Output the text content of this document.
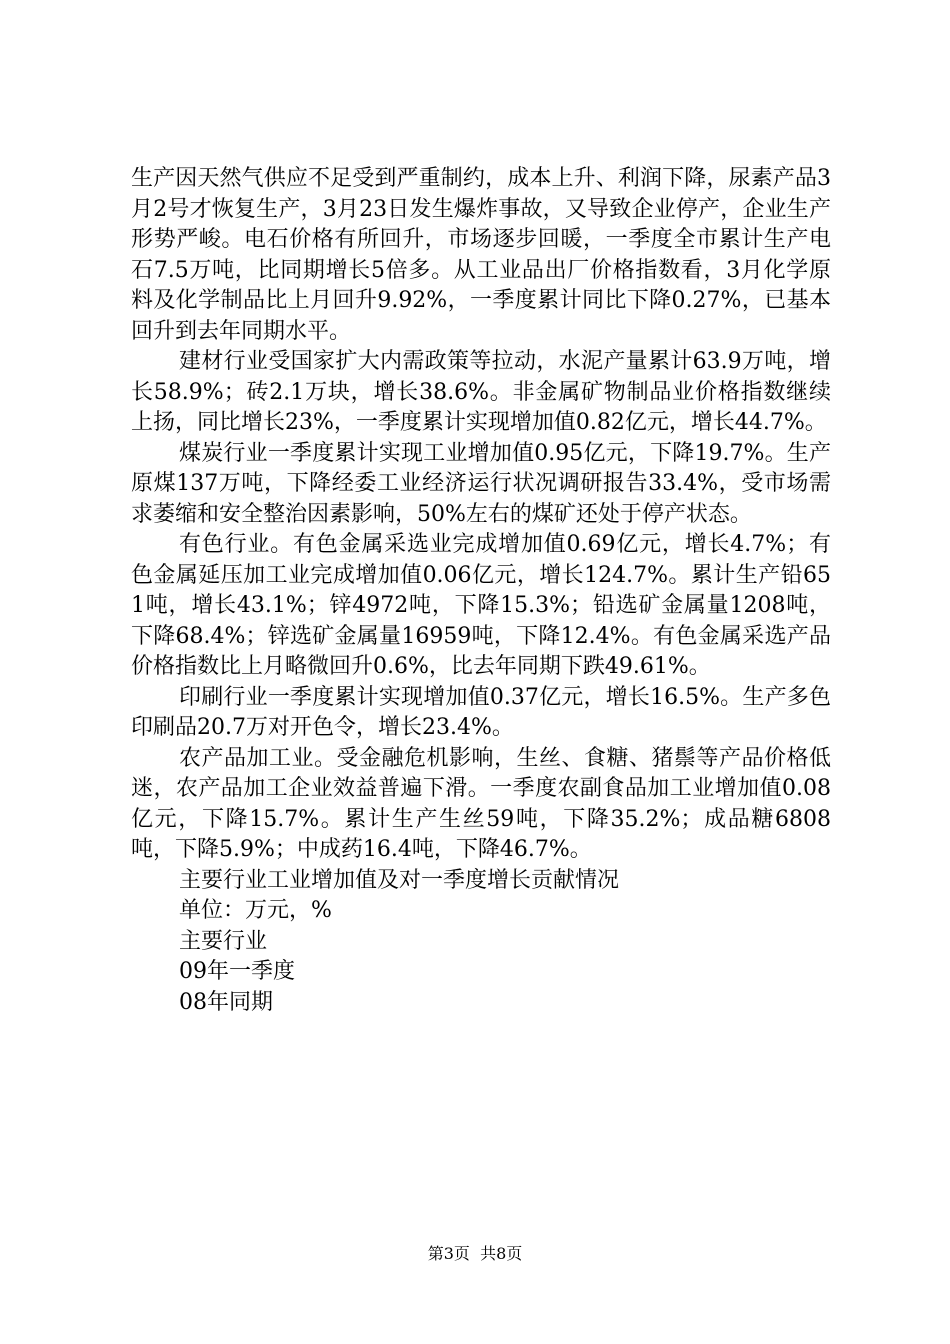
生产因天然气供应不足受到严重制约，成本上升、利润下降，尿素产品3月2号才恢复生产，3月23日发生爆炸事故，又导致企业停产，企业生产形势严峻。电石价格有所回升，市场逐步回暖，一季度全市累计生产电石7.5万吨，比同期增长5倍多。从工业品出厂价格指数看，3月化学原料及化学制品比上月回升9.92%，一季度累计同比下降0.27%，已基本回升到去年同期水平。

建材行业受国家扩大内需政策等拉动，水泥产量累计63.9万吨，增长58.9%；砖2.1万块，增长38.6%。非金属矿物制品业价格指数继续上扬，同比增长23%，一季度累计实现增加值0.82亿元，增长44.7%。

煤炭行业一季度累计实现工业增加值0.95亿元，下降19.7%。生产原煤137万吨，下降经委工业经济运行状况调研报告33.4%，受市场需求萎缩和安全整治因素影响，50%左右的煤矿还处于停产状态。

有色行业。有色金属采选业完成增加值0.69亿元，增长4.7%；有色金属延压加工业完成增加值0.06亿元，增长124.7%。累计生产铅651吨，增长43.1%；锌4972吨，下降15.3%；铅选矿金属量1208吨，下降68.4%；锌选矿金属量16959吨，下降12.4%。有色金属采选产品价格指数比上月略微回升0.6%，比去年同期下跌49.61%。

印刷行业一季度累计实现增加值0.37亿元，增长16.5%。生产多色印刷品20.7万对开色令，增长23.4%。

农产品加工业。受金融危机影响，生丝、食糖、猪鬃等产品价格低迷，农产品加工企业效益普遍下滑。一季度农副食品加工业增加值0.08亿元，下降15.7%。累计生产生丝59吨，下降35.2%；成品糖6808吨，下降5.9%；中成药16.4吨，下降46.7%。

主要行业工业增加值及对一季度增长贡献情况

单位：万元，%

主要行业

09年一季度

08年同期

第3页  共8页
